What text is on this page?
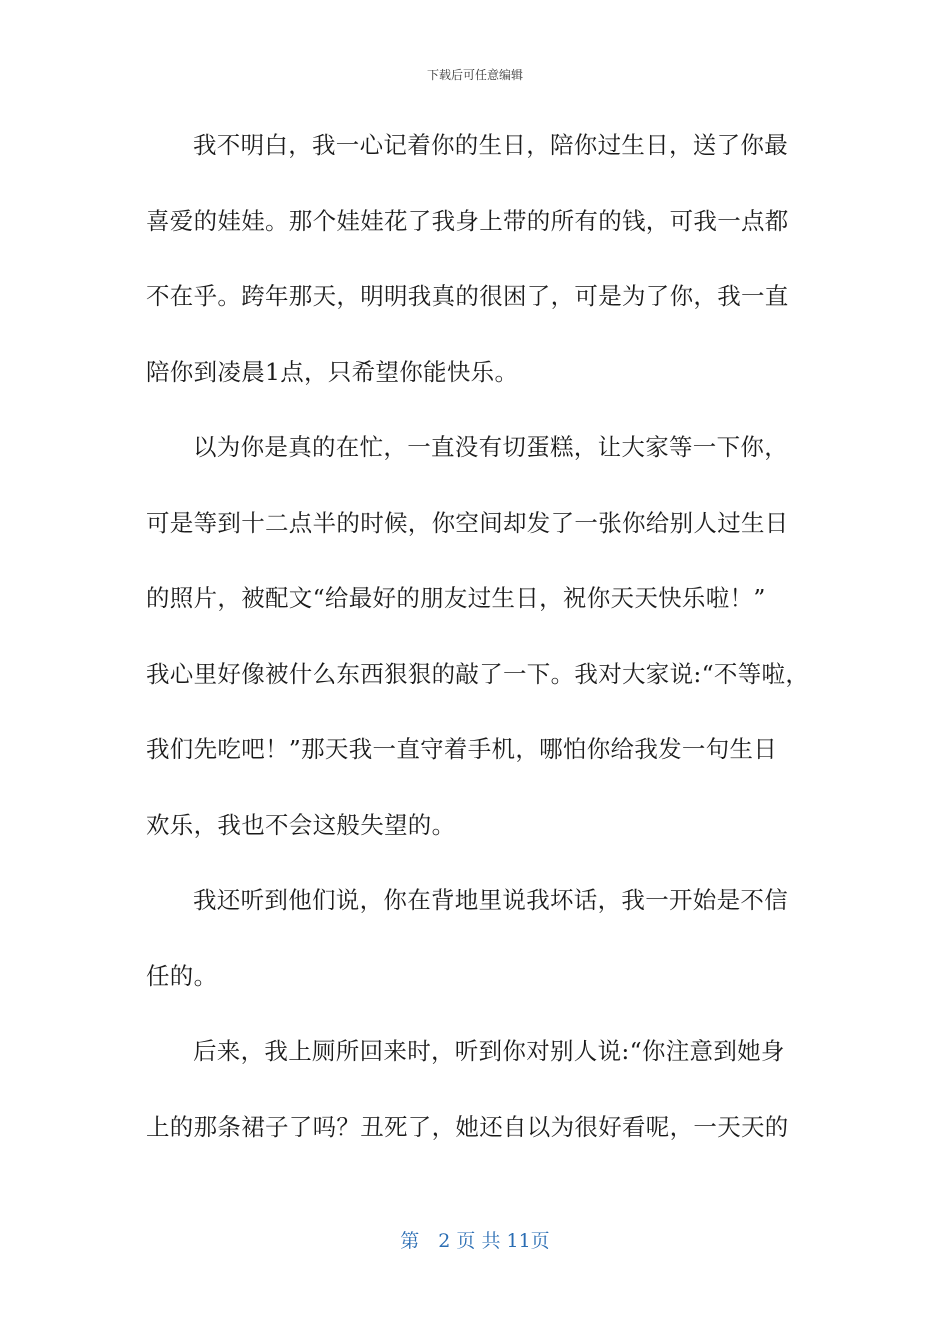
下载后可任意编辑
我不明白，我一心记着你的生日，陪你过生日，送了你最
喜爱的娃娃。那个娃娃花了我身上带的所有的钱，可我一点都
不在乎。跨年那天，明明我真的很困了，可是为了你，我一直
陪你到凌晨1点，只希望你能快乐。
以为你是真的在忙，一直没有切蛋糕，让大家等一下你，
可是等到十二点半的时候，你空间却发了一张你给别人过生日
的照片，被配文“给最好的朋友过生日，祝你天天快乐啦！”
我心里好像被什么东西狠狠的敲了一下。我对大家说:“不等啦，
我们先吃吧！”那天我一直守着手机，哪怕你给我发一句生日
欢乐，我也不会这般失望的。
我还听到他们说，你在背地里说我坏话，我一开始是不信
任的。
后来，我上厕所回来时，听到你对别人说:“你注意到她身
上的那条裙子了吗？丑死了，她还自以为很好看呢，一天天的
第　2 页 共 11页
